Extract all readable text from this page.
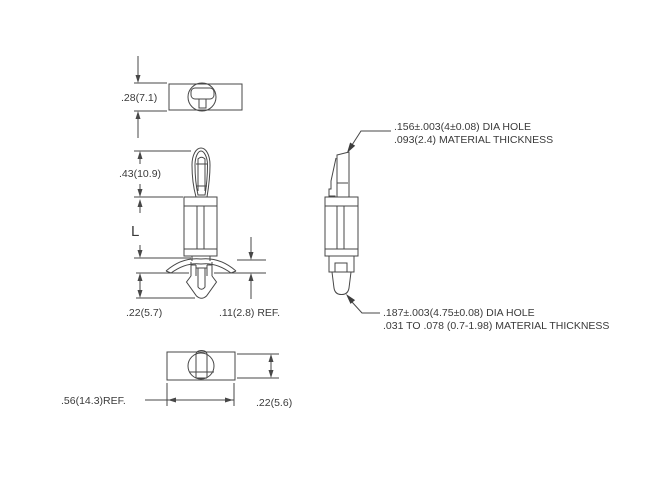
.28(7.1)
.43(10.9)
L
.22(5.7)	.11(2.8) REF.
.156±.003(4±0.08) DIA HOLE
.093(2.4) MATERIAL THICKNESS
.187±.003(4.75±0.08) DIA HOLE
.031 TO .078 (0.7-1.98) MATERIAL THICKNESS
.22(5.6)
.56(14.3)REF.
